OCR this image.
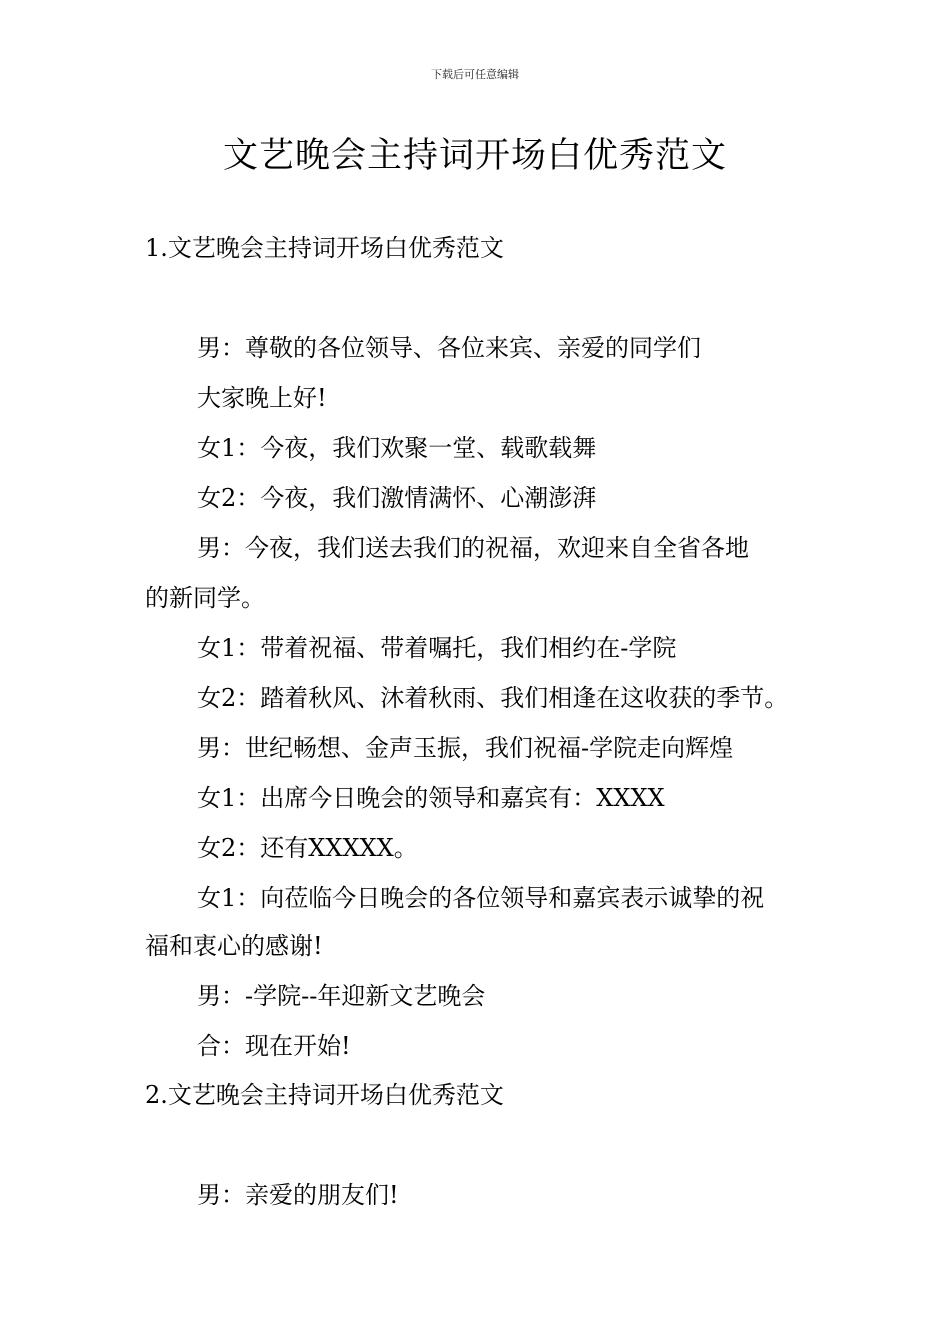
下载后可任意编辑
文艺晚会主持词开场白优秀范文
1.文艺晚会主持词开场白优秀范文
男：尊敬的各位领导、各位来宾、亲爱的同学们
大家晚上好!
女1：今夜，我们欢聚一堂、载歌载舞
女2：今夜，我们激情满怀、心潮澎湃
男：今夜，我们送去我们的祝福，欢迎来自全省各地
的新同学。
女1：带着祝福、带着嘱托，我们相约在-学院
女2：踏着秋风、沐着秋雨、我们相逢在这收获的季节。
男：世纪畅想、金声玉振，我们祝福-学院走向辉煌
女1：出席今日晚会的领导和嘉宾有：XXXX
女2：还有XXXXX。
女1：向莅临今日晚会的各位领导和嘉宾表示诚挚的祝
福和衷心的感谢!
男：-学院--年迎新文艺晚会
合：现在开始!
2.文艺晚会主持词开场白优秀范文
男：亲爱的朋友们!
